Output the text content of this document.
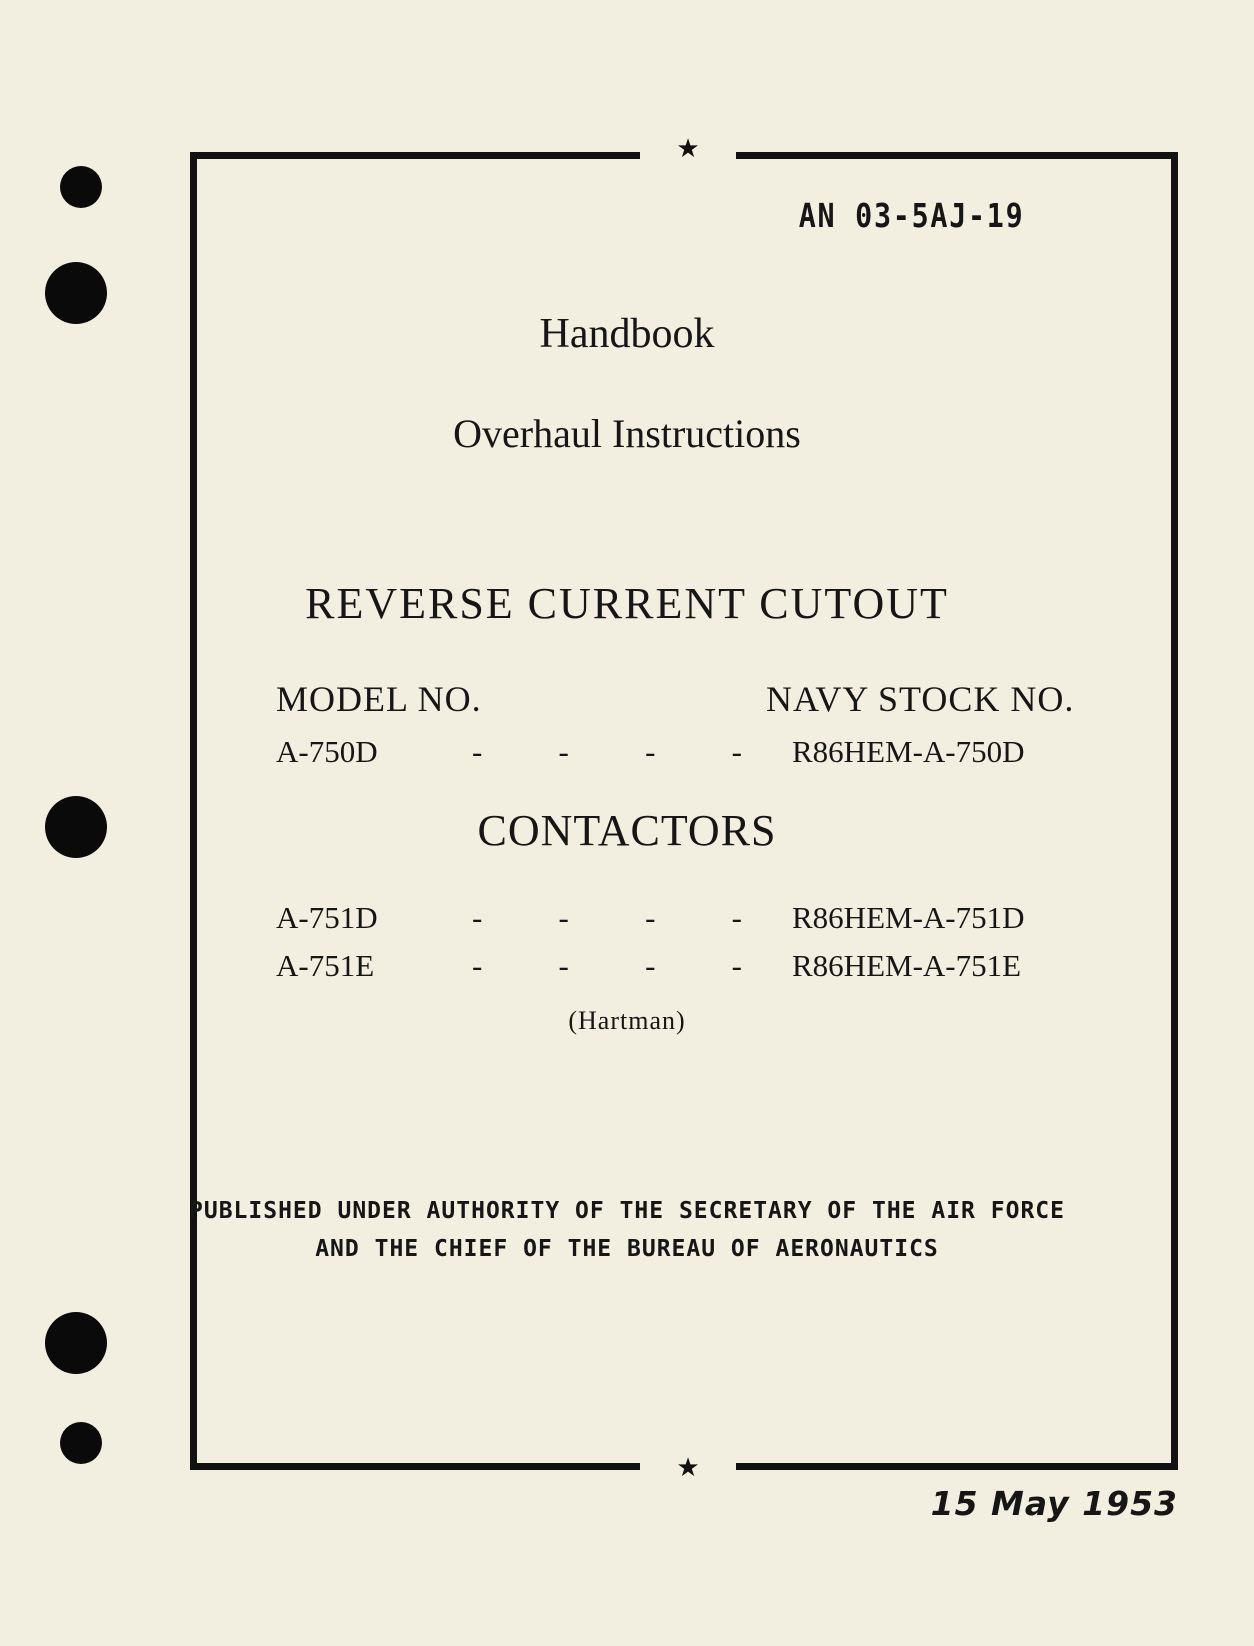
★
★
AN 03-5AJ-19
Handbook
Overhaul Instructions
REVERSE CURRENT CUTOUT
MODEL NO.	NAVY STOCK NO.
A-750D	- - - - R86HEM-A-750D
CONTACTORS
A-751D	- - - - R86HEM-A-751D
A-751E	- - - - R86HEM-A-751E
(Hartman)
PUBLISHED UNDER AUTHORITY OF THE SECRETARY OF THE AIR FORCE
AND THE CHIEF OF THE BUREAU OF AERONAUTICS
15 May 1953
